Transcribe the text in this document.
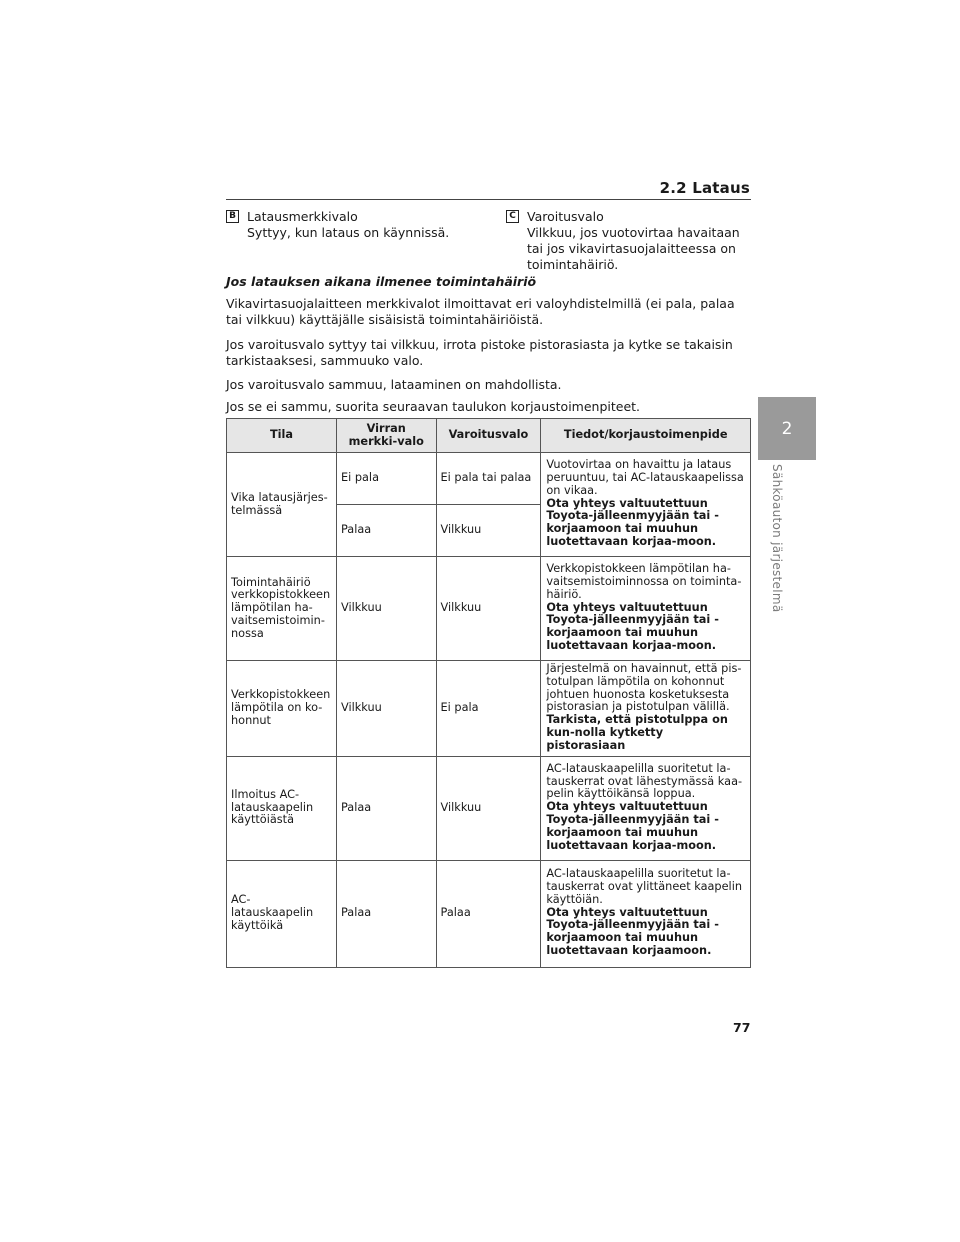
2.2 Lataus
2
Sähköauton järjestelmä
B Latausmerkkivalo
Syttyy, kun lataus on käynnissä.
C Varoitusvalo
Vilkkuu, jos vuotovirtaa havaitaan tai jos vikavirtasuojalaitteessa on toimintahäiriö.
Jos latauksen aikana ilmenee toimintahäiriö
Vikavirtasuojalaitteen merkkivalot ilmoittavat eri valoyhdistelmillä (ei pala, palaa tai vilkkuu) käyttäjälle sisäisistä toimintahäiriöistä.
Jos varoitusvalo syttyy tai vilkkuu, irrota pistoke pistorasiasta ja kytke se takaisin tarkistaaksesi, sammuuko valo.
Jos varoitusvalo sammuu, lataaminen on mahdollista.
Jos se ei sammu, suorita seuraavan taulukon korjaustoimenpiteet.
Tila	Virran merkki-valo	Varoitusvalo	Tiedot/korjaustoimenpide
Vika latausjärjes-telmässä	Ei pala	Ei pala tai palaa	Vuotovirtaa on havaittu ja lataus peruuntuu, tai AC-latauskaapelissa on vikaa.
Ota yhteys valtuutettuun Toyota-jälleenmyyjään tai -korjaamoon tai muuhun luotettavaan korjaa-moon.

	Palaa	Vilkkuu	
Toimintahäiriö verkkopistokkeen lämpötilan ha-vaitsemistoimin-nossa	Vilkkuu	Vilkkuu	Verkkopistokkeen lämpötilan ha-vaitsemistoiminnossa on toiminta-häiriö.
Ota yhteys valtuutettuun Toyota-jälleenmyyjään tai -korjaamoon tai muuhun luotettavaan korjaa-moon.

Verkkopistokkeen lämpötila on ko-honnut	Vilkkuu	Ei pala	Järjestelmä on havainnut, että pis-totulpan lämpötila on kohonnut johtuen huonosta kosketuksesta pistorasian ja pistotulpan välillä.
Tarkista, että pistotulppa on kun-nolla kytketty pistorasiaan

Ilmoitus AC-latauskaapelin käyttöiästä	Palaa	Vilkkuu	AC-latauskaapelilla suoritetut la-tauskerrat ovat lähestymässä kaa-pelin käyttöikänsä loppua.
Ota yhteys valtuutettuun Toyota-jälleenmyyjään tai -korjaamoon tai muuhun luotettavaan korjaa-moon.

AC-latauskaapelin käyttöikä	Palaa	Palaa	AC-latauskaapelilla suoritetut la-tauskerrat ovat ylittäneet kaapelin käyttöiän.
Ota yhteys valtuutettuun Toyota-jälleenmyyjään tai -korjaamoon tai muuhun luotettavaan korjaamoon.
77
